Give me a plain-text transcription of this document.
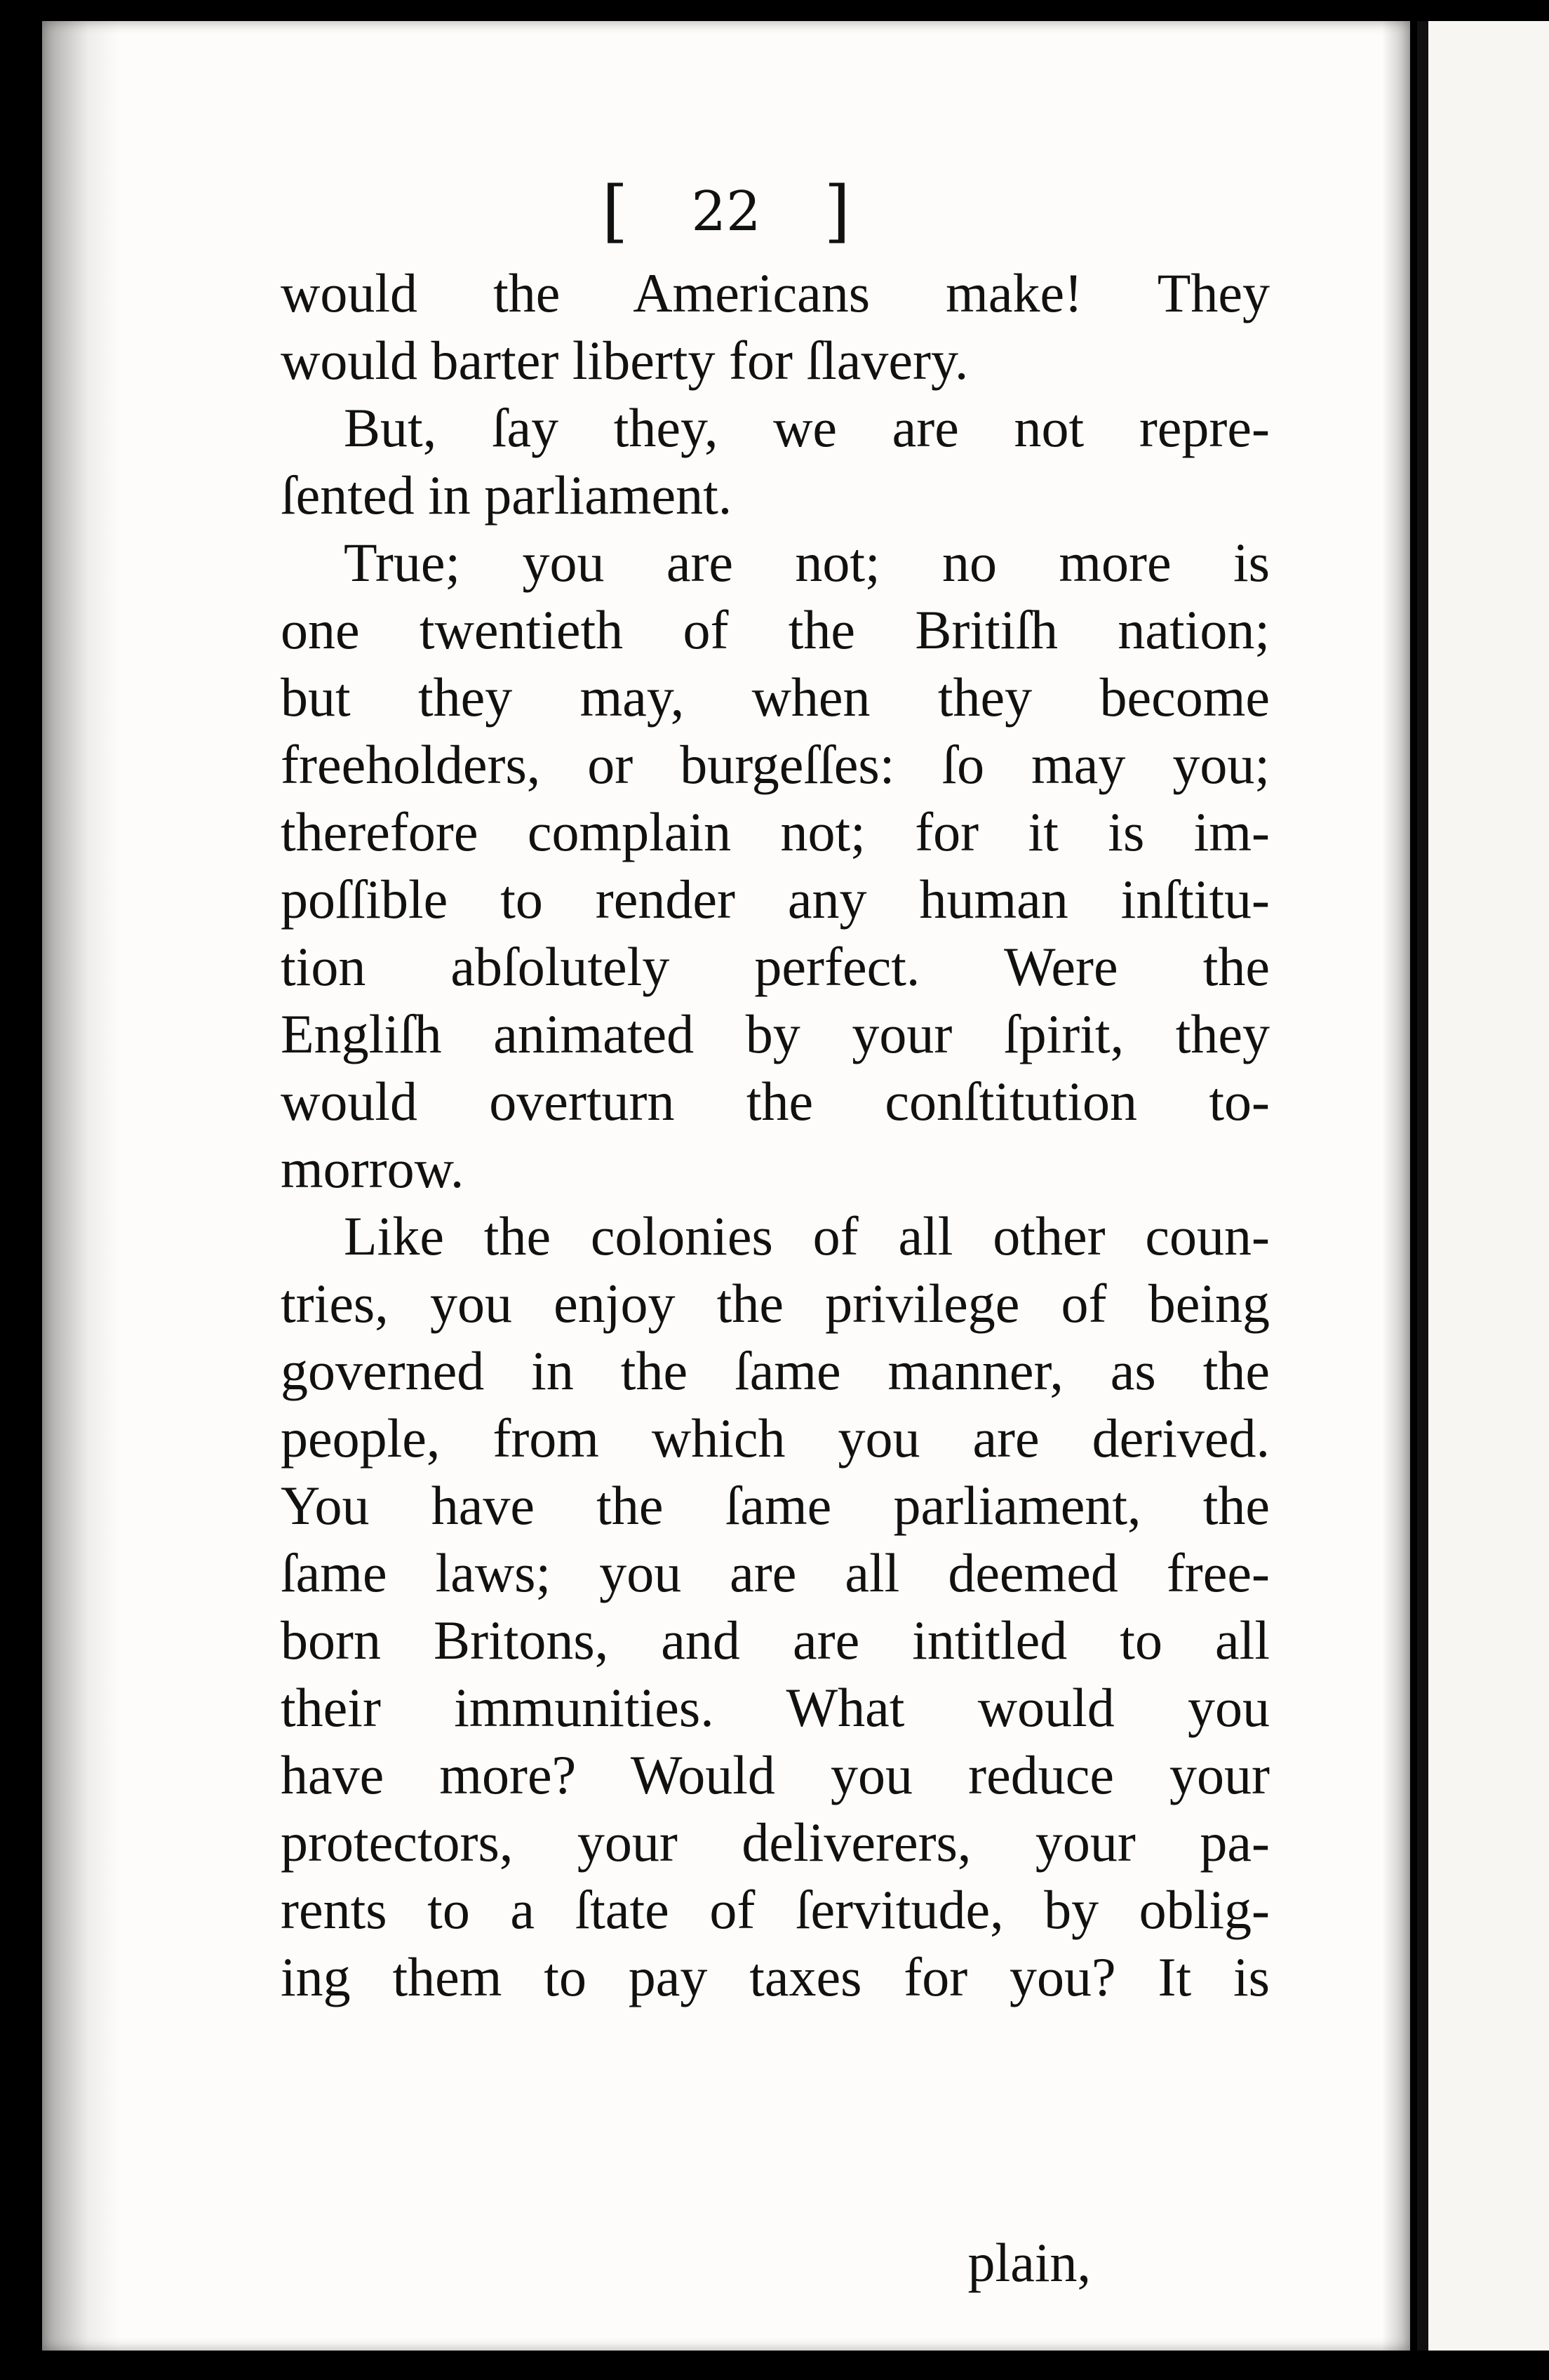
[ 22 ]
would the Americans make! They
would barter liberty for ſlavery.
But, ſay they, we are not repre-
ſented in parliament.
True; you are not; no more is
one twentieth of the Britiſh nation;
but they may, when they become
freeholders, or burgeſſes: ſo may you;
therefore complain not; for it is im-
poſſible to render any human inſtitu-
tion abſolutely perfect. Were the
Engliſh animated by your ſpirit, they
would overturn the conſtitution to-
morrow.
Like the colonies of all other coun-
tries, you enjoy the privilege of being
governed in the ſame manner, as the
people, from which you are derived.
You have the ſame parliament, the
ſame laws; you are all deemed free-
born Britons, and are intitled to all
their immunities. What would you
have more? Would you reduce your
protectors, your deliverers, your pa-
rents to a ſtate of ſervitude, by oblig-
ing them to pay taxes for you? It is
plain,
